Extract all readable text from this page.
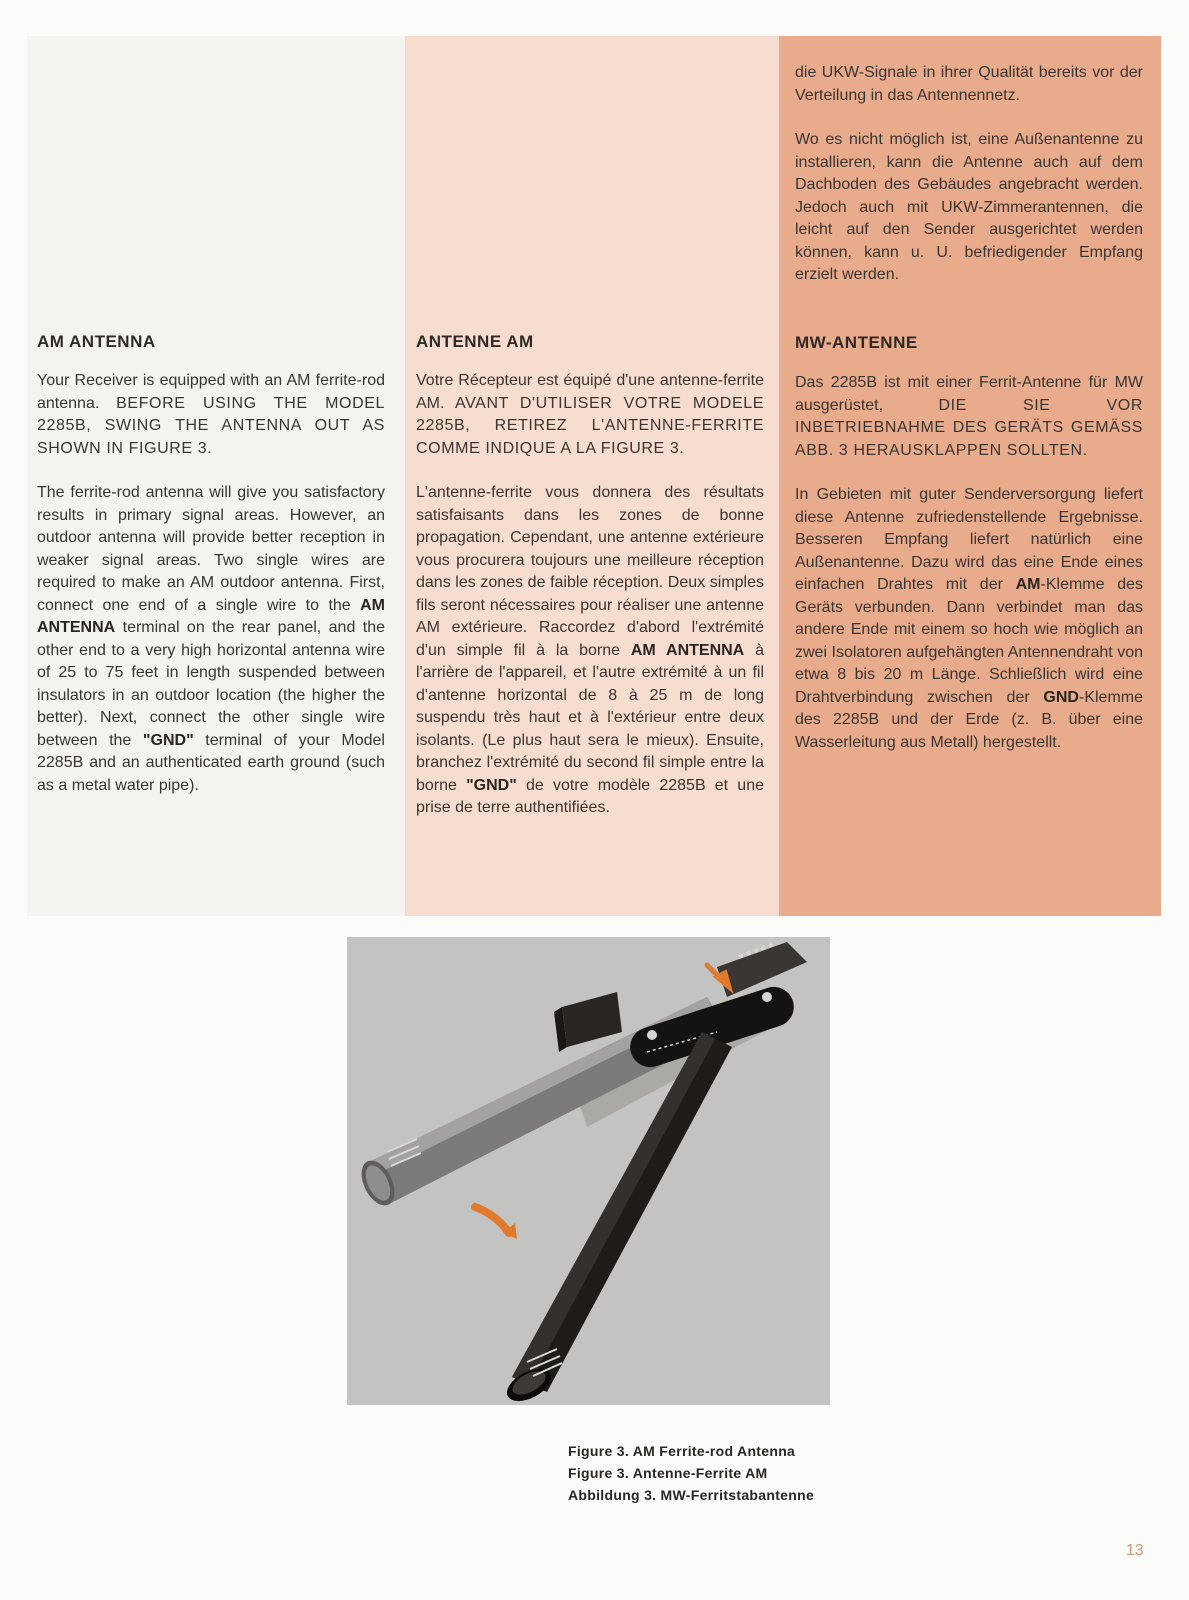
die UKW-Signale in ihrer Qualität bereits vor der Verteilung in das Antennennetz.

Wo es nicht möglich ist, eine Außenantenne zu installieren, kann die Antenne auch auf dem Dachboden des Gebäudes angebracht werden. Jedoch auch mit UKW-Zimmerantennen, die leicht auf den Sender ausgerichtet werden können, kann u. U. befriedigender Empfang erzielt werden.

AM ANTENNA	ANTENNE AM	MW-ANTENNE

Your Receiver is equipped with an AM ferrite-rod antenna. BEFORE USING THE MODEL 2285B, SWING THE ANTENNA OUT AS SHOWN IN FIGURE 3.

The ferrite-rod antenna will give you satisfactory results in primary signal areas. However, an outdoor antenna will provide better reception in weaker signal areas. Two single wires are required to make an AM outdoor antenna. First, connect one end of a single wire to the AM ANTENNA terminal on the rear panel, and the other end to a very high horizontal antenna wire of 25 to 75 feet in length suspended between insulators in an outdoor location (the higher the better). Next, connect the other single wire between the "GND" terminal of your Model 2285B and an authenticated earth ground (such as a metal water pipe).

Votre Récepteur est équipé d'une antenne-ferrite AM. AVANT D'UTILISER VOTRE MODELE 2285B, RETIREZ L'ANTENNE-FERRITE COMME INDIQUE A LA FIGURE 3.

L'antenne-ferrite vous donnera des résultats satisfaisants dans les zones de bonne propagation. Cependant, une antenne extérieure vous procurera toujours une meilleure réception dans les zones de faible réception. Deux simples fils seront nécessaires pour réaliser une antenne AM extérieure. Raccordez d'abord l'extrémité d'un simple fil à la borne AM ANTENNA à l'arrière de l'appareil, et l'autre extrémité à un fil d'antenne horizontal de 8 à 25 m de long suspendu très haut et à l'extérieur entre deux isolants. (Le plus haut sera le mieux). Ensuite, branchez l'extrémité du second fil simple entre la borne "GND" de votre modèle 2285B et une prise de terre authentifiées.

Das 2285B ist mit einer Ferrit-Antenne für MW ausgerüstet,	DIE SIE VOR INBETRIEBNAHME DES GERÄTS GEMÄSS ABB. 3 HERAUSKLAPPEN SOLLTEN.

In Gebieten mit guter Senderversorgung liefert diese Antenne zufriedenstellende Ergebnisse. Besseren Empfang liefert natürlich eine Außenantenne. Dazu wird das eine Ende eines einfachen Drahtes mit der AM-Klemme des Geräts verbunden. Dann verbindet man das andere Ende mit einem so hoch wie möglich an zwei Isolatoren aufgehängten Antennendraht von etwa 8 bis 20 m Länge. Schließlich wird eine Drahtverbindung zwischen der GND-Klemme des 2285B und der Erde (z. B. über eine Wasserleitung aus Metall) hergestellt.

Figure 3. AM Ferrite-rod Antenna
Figure 3. Antenne-Ferrite AM
Abbildung 3. MW-Ferritstabantenne
13
